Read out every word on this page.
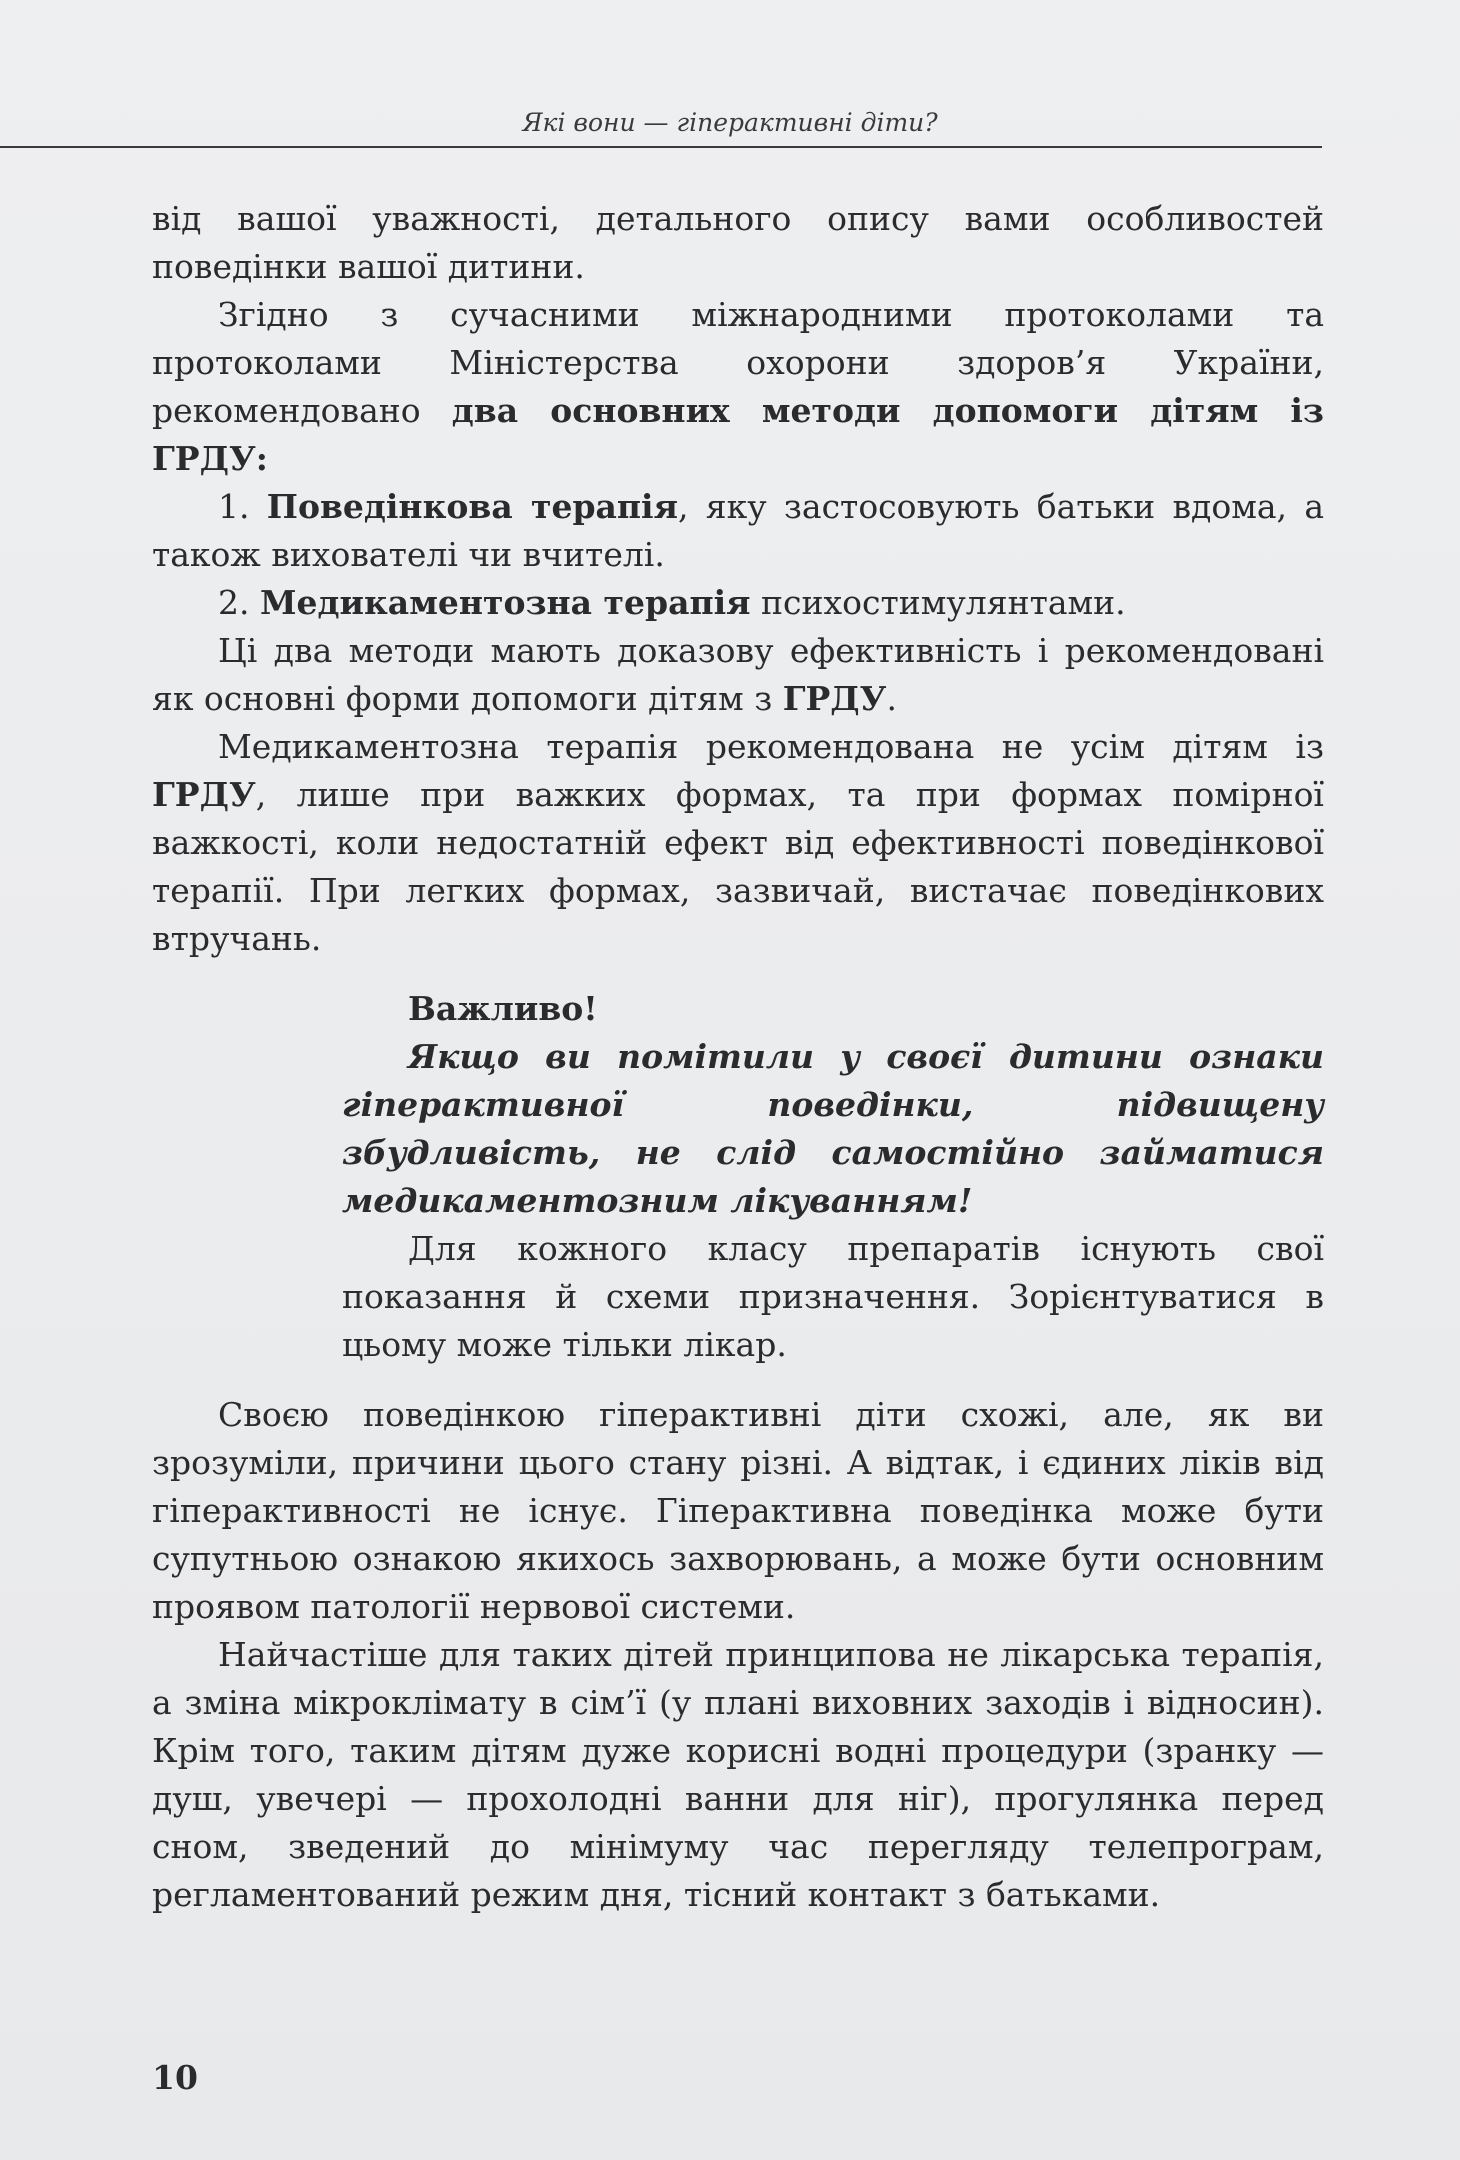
Які вони — гіперактивні діти?

від вашої уважності, детального опису вами особливостей поведінки вашої дитини.

Згідно з сучасними міжнародними протоколами та протоколами Міністерства охорони здоров’я України, рекомендовано два основних методи допомоги дітям із ГРДУ:

1. Поведінкова терапія, яку застосовують батьки вдома, а також вихователі чи вчителі.

2. Медикаментозна терапія психостимулянтами.

Ці два методи мають доказову ефективність і рекомендовані як основні форми допомоги дітям з ГРДУ.

Медикаментозна терапія рекомендована не усім дітям із ГРДУ, лише при важких формах, та при формах помірної важкості, коли недостатній ефект від ефективності поведінкової терапії. При легких формах, зазвичай, вистачає поведінкових втручань.

Важливо!

Якщо ви помітили у своєї дитини ознаки гіперактивної поведінки, підвищену збудливість, не слід самостійно займатися медикаментозним лікуванням!

Для кожного класу препаратів існують свої показання й схеми призначення. Зорієнтуватися в цьому може тільки лікар.

Своєю поведінкою гіперактивні діти схожі, але, як ви зрозуміли, причини цього стану різні. А відтак, і єдиних ліків від гіперактивності не існує. Гіперактивна поведінка може бути супутньою ознакою якихось захворювань, а може бути основним проявом патології нервової системи.

Найчастіше для таких дітей принципова не лікарська терапія, а зміна мікроклімату в сім’ї (у плані виховних заходів і відносин). Крім того, таким дітям дуже корисні водні процедури (зранку — душ, увечері — прохолодні ванни для ніг), прогулянка перед сном, зведений до мінімуму час перегляду телепрограм, регламентований режим дня, тісний контакт з батьками.

10
